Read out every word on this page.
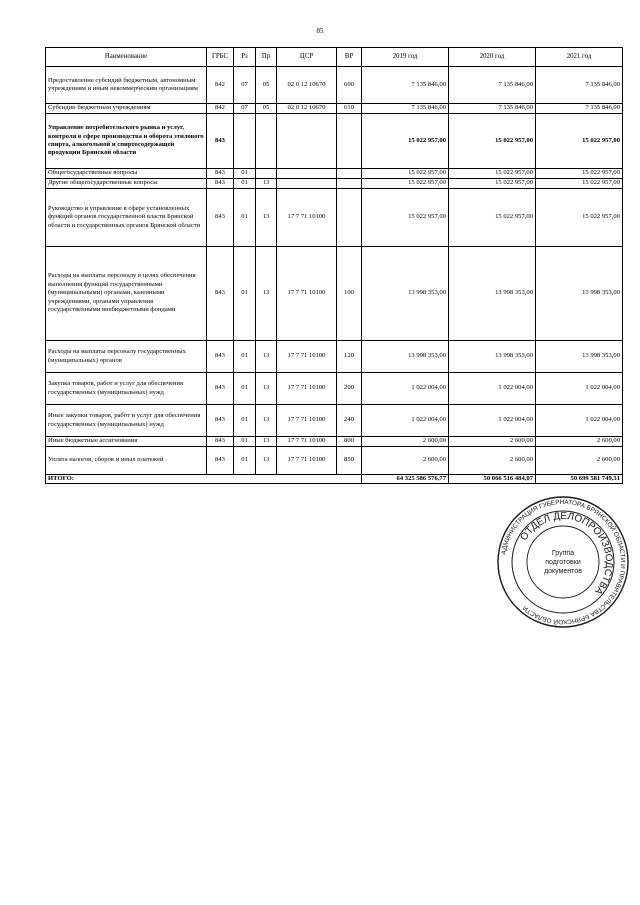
85
Наименование	ГРБС	Рз	Пр	ЦСР	ВР	2019 год	2020 год	2021 год
Предоставление субсидий бюджетным, автономным учреждениям и иным некоммерческим организациям	842	07	05	02 0 12 10670	600	7 135 846,00	7 135 846,00	7 135 846,00
Субсидии бюджетным учреждениям	842	07	05	02 0 12 10670	610	7 135 846,00	7 135 846,00	7 135 846,00
Управление потребительского рынка и услуг, контроля в сфере производства и оборота этилового спирта, алкогольной и спиртосодержащей продукции Брянской области	843					15 022 957,00	15 022 957,00	15 022 957,00
Общегосударственные вопросы	843	01				15 022 957,00	15 022 957,00	15 022 957,00
Другие общегосударственные вопросы	843	01	13			15 022 957,00	15 022 957,00	15 022 957,00
Руководство и управление в сфере установленных функций органов государственной власти Брянской области и государственных органов Брянской области	843	01	13	17 7 71 10100		15 022 957,00	15 022 957,00	15 022 957,00
Расходы на выплаты персоналу в целях обеспечения выполнения функций государственными (муниципальными) органами, казенными учреждениями, органами управления государственными внебюджетными фондами	843	01	13	17 7 71 10100	100	13 998 353,00	13 998 353,00	13 998 353,00
Расходы на выплаты персоналу государственных (муниципальных) органов	843	01	13	17 7 71 10100	120	13 998 353,00	13 998 353,00	13 998 353,00
Закупка товаров, работ и услуг для обеспечения государственных (муниципальных) нужд	843	01	13	17 7 71 10100	200	1 022 004,00	1 022 004,00	1 022 004,00
Иные закупки товаров, работ и услуг для обеспечения государственных (муниципальных) нужд	843	01	13	17 7 71 10100	240	1 022 004,00	1 022 004,00	1 022 004,00
Иные бюджетные ассигнования	843	01	13	17 7 71 10100	800	2 600,00	2 600,00	2 600,00
Уплата налогов, сборов и иных платежей	843	01	13	17 7 71 10100	850	2 600,00	2 600,00	2 600,00
ИТОГО:						64 325 586 576,77	50 066 516 484,07	50 699 581 749,31
АДМИНИСТРАЦИЯ ГУБЕРНАТОРА БРЯНСКОЙ ОБЛАСТИ И ПРАВИТЕЛЬСТВА БРЯНСКОЙ ОБЛАСТИ
ОТДЕЛ ДЕЛОПРОИЗВОДСТВА
Группа
подготовки
документов
